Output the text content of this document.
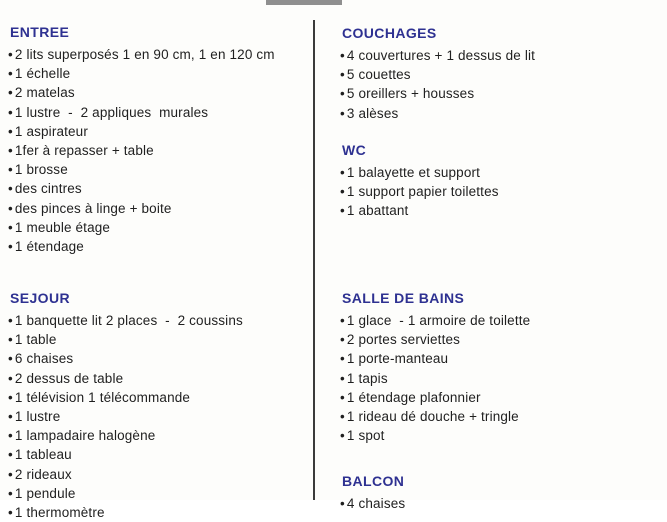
ENTREE
• 2 lits superposés 1 en 90 cm, 1 en 120 cm
• 1 échelle
• 2 matelas
• 1 lustre  -  2 appliques  murales
• 1 aspirateur
• 1fer à repasser + table
• 1 brosse
• des cintres
• des pinces à linge + boite
• 1 meuble étage
• 1 étendage
SEJOUR
• 1 banquette lit 2 places  -  2 coussins
• 1 table
• 6 chaises
• 2 dessus de table
• 1 télévision 1 télécommande
• 1 lustre
• 1 lampadaire halogène
• 1 tableau
• 2 rideaux
• 1 pendule
• 1 thermomètre
COUCHAGES
• 4 couvertures + 1 dessus de lit
• 5 couettes
• 5 oreillers + housses
• 3 alèses
WC
• 1 balayette et support
• 1 support papier toilettes
• 1 abattant
SALLE DE BAINS
• 1 glace  - 1 armoire de toilette
• 2 portes serviettes
• 1 porte-manteau
• 1 tapis
• 1 étendage plafonnier
• 1 rideau dé douche + tringle
• 1 spot
BALCON
• 4 chaises
